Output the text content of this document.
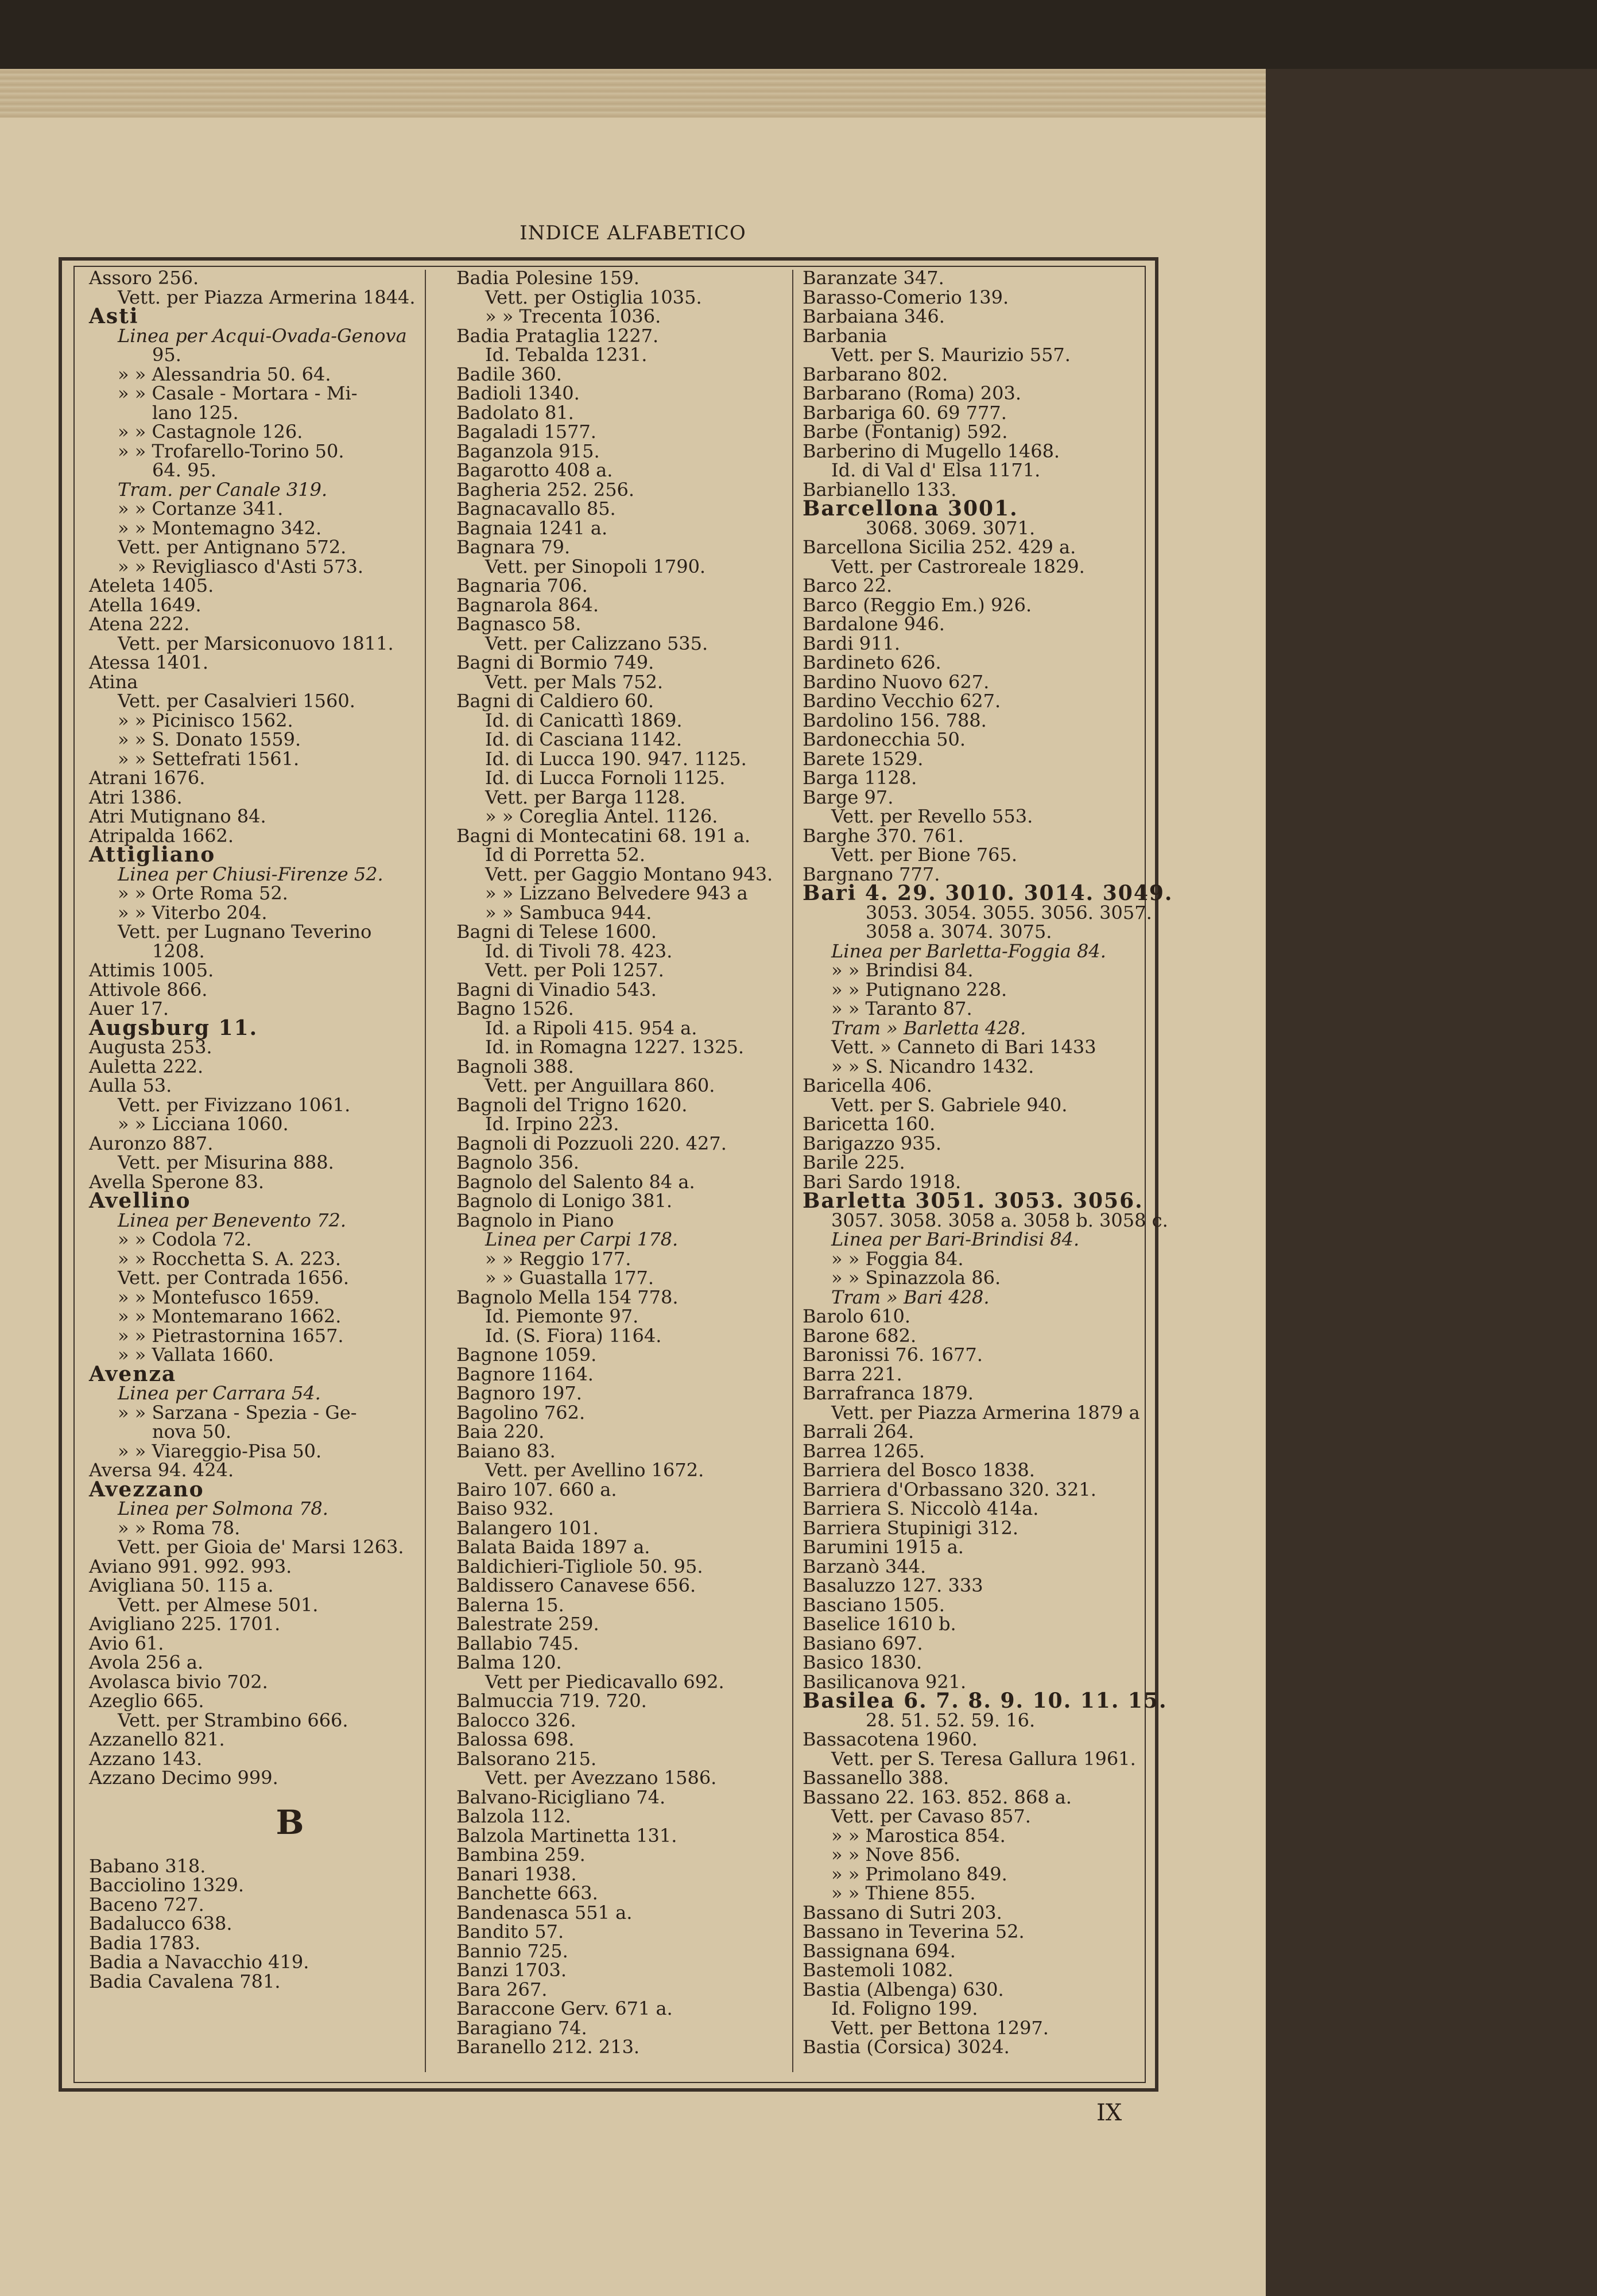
INDICE ALFABETICO
Assoro 256.
Vett. per Piazza Armerina 1844.
Asti
Linea per Acqui-Ovada-Genova
95.
» » Alessandria 50. 64.
» » Casale - Mortara - Mi-
lano 125.
» » Castagnole 126.
» » Trofarello-Torino 50.
64. 95.
Tram. per Canale 319.
» » Cortanze 341.
» » Montemagno 342.
Vett. per Antignano 572.
» » Revigliasco d'Asti 573.
Ateleta 1405.
Atella 1649.
Atena 222.
Vett. per Marsiconuovo 1811.
Atessa 1401.
Atina
Vett. per Casalvieri 1560.
» » Picinisco 1562.
» » S. Donato 1559.
» » Settefrati 1561.
Atrani 1676.
Atri 1386.
Atri Mutignano 84.
Atripalda 1662.
Attigliano
Linea per Chiusi-Firenze 52.
» » Orte Roma 52.
» » Viterbo 204.
Vett. per Lugnano Teverino
1208.
Attimis 1005.
Attivole 866.
Auer 17.
Augsburg 11.
Augusta 253.
Auletta 222.
Aulla 53.
Vett. per Fivizzano 1061.
» » Licciana 1060.
Auronzo 887.
Vett. per Misurina 888.
Avella Sperone 83.
Avellino
Linea per Benevento 72.
» » Codola 72.
» » Rocchetta S. A. 223.
Vett. per Contrada 1656.
» » Montefusco 1659.
» » Montemarano 1662.
» » Pietrastornina 1657.
» » Vallata 1660.
Avenza
Linea per Carrara 54.
» » Sarzana - Spezia - Ge-
nova 50.
» » Viareggio-Pisa 50.
Aversa 94. 424.
Avezzano
Linea per Solmona 78.
» » Roma 78.
Vett. per Gioia de' Marsi 1263.
Aviano 991. 992. 993.
Avigliana 50. 115 a.
Vett. per Almese 501.
Avigliano 225. 1701.
Avio 61.
Avola 256 a.
Avolasca bivio 702.
Azeglio 665.
Vett. per Strambino 666.
Azzanello 821.
Azzano 143.
Azzano Decimo 999.
B
Babano 318.
Bacciolino 1329.
Baceno 727.
Badalucco 638.
Badia 1783.
Badia a Navacchio 419.
Badia Cavalena 781.
Badia Polesine 159.
Vett. per Ostiglia 1035.
» » Trecenta 1036.
Badia Prataglia 1227.
Id. Tebalda 1231.
Badile 360.
Badioli 1340.
Badolato 81.
Bagaladi 1577.
Baganzola 915.
Bagarotto 408 a.
Bagheria 252. 256.
Bagnacavallo 85.
Bagnaia 1241 a.
Bagnara 79.
Vett. per Sinopoli 1790.
Bagnaria 706.
Bagnarola 864.
Bagnasco 58.
Vett. per Calizzano 535.
Bagni di Bormio 749.
Vett. per Mals 752.
Bagni di Caldiero 60.
Id. di Canicattì 1869.
Id. di Casciana 1142.
Id. di Lucca 190. 947. 1125.
Id. di Lucca Fornoli 1125.
Vett. per Barga 1128.
» » Coreglia Antel. 1126.
Bagni di Montecatini 68. 191 a.
Id di Porretta 52.
Vett. per Gaggio Montano 943.
» » Lizzano Belvedere 943 a
» » Sambuca 944.
Bagni di Telese 1600.
Id. di Tivoli 78. 423.
Vett. per Poli 1257.
Bagni di Vinadio 543.
Bagno 1526.
Id. a Ripoli 415. 954 a.
Id. in Romagna 1227. 1325.
Bagnoli 388.
Vett. per Anguillara 860.
Bagnoli del Trigno 1620.
Id. Irpino 223.
Bagnoli di Pozzuoli 220. 427.
Bagnolo 356.
Bagnolo del Salento 84 a.
Bagnolo di Lonigo 381.
Bagnolo in Piano
Linea per Carpi 178.
» » Reggio 177.
» » Guastalla 177.
Bagnolo Mella 154 778.
Id. Piemonte 97.
Id. (S. Fiora) 1164.
Bagnone 1059.
Bagnore 1164.
Bagnoro 197.
Bagolino 762.
Baia 220.
Baiano 83.
Vett. per Avellino 1672.
Bairo 107. 660 a.
Baiso 932.
Balangero 101.
Balata Baida 1897 a.
Baldichieri-Tigliole 50. 95.
Baldissero Canavese 656.
Balerna 15.
Balestrate 259.
Ballabio 745.
Balma 120.
Vett per Piedicavallo 692.
Balmuccia 719. 720.
Balocco 326.
Balossa 698.
Balsorano 215.
Vett. per Avezzano 1586.
Balvano-Ricigliano 74.
Balzola 112.
Balzola Martinetta 131.
Bambina 259.
Banari 1938.
Banchette 663.
Bandenasca 551 a.
Bandito 57.
Bannio 725.
Banzi 1703.
Bara 267.
Baraccone Gerv. 671 a.
Baragiano 74.
Baranello 212. 213.
Baranzate 347.
Barasso-Comerio 139.
Barbaiana 346.
Barbania
Vett. per S. Maurizio 557.
Barbarano 802.
Barbarano (Roma) 203.
Barbariga 60. 69 777.
Barbe (Fontanig) 592.
Barberino di Mugello 1468.
Id. di Val d' Elsa 1171.
Barbianello 133.
Barcellona 3001.
3068. 3069. 3071.
Barcellona Sicilia 252. 429 a.
Vett. per Castroreale 1829.
Barco 22.
Barco (Reggio Em.) 926.
Bardalone 946.
Bardi 911.
Bardineto 626.
Bardino Nuovo 627.
Bardino Vecchio 627.
Bardolino 156. 788.
Bardonecchia 50.
Barete 1529.
Barga 1128.
Barge 97.
Vett. per Revello 553.
Barghe 370. 761.
Vett. per Bione 765.
Bargnano 777.
Bari 4. 29. 3010. 3014. 3049.
3053. 3054. 3055. 3056. 3057.
3058 a. 3074. 3075.
Linea per Barletta-Foggia 84.
» » Brindisi 84.
» » Putignano 228.
» » Taranto 87.
Tram » Barletta 428.
Vett. » Canneto di Bari 1433
» » S. Nicandro 1432.
Baricella 406.
Vett. per S. Gabriele 940.
Baricetta 160.
Barigazzo 935.
Barile 225.
Bari Sardo 1918.
Barletta 3051. 3053. 3056.
3057. 3058. 3058 a. 3058 b. 3058 c.
Linea per Bari-Brindisi 84.
» » Foggia 84.
» » Spinazzola 86.
Tram » Bari 428.
Barolo 610.
Barone 682.
Baronissi 76. 1677.
Barra 221.
Barrafranca 1879.
Vett. per Piazza Armerina 1879 a
Barrali 264.
Barrea 1265.
Barriera del Bosco 1838.
Barriera d'Orbassano 320. 321.
Barriera S. Niccolò 414a.
Barriera Stupinigi 312.
Barumini 1915 a.
Barzanò 344.
Basaluzzo 127. 333
Basciano 1505.
Baselice 1610 b.
Basiano 697.
Basico 1830.
Basilicanova 921.
Basilea 6. 7. 8. 9. 10. 11. 15.
28. 51. 52. 59. 16.
Bassacotena 1960.
Vett. per S. Teresa Gallura 1961.
Bassanello 388.
Bassano 22. 163. 852. 868 a.
Vett. per Cavaso 857.
» » Marostica 854.
» » Nove 856.
» » Primolano 849.
» » Thiene 855.
Bassano di Sutri 203.
Bassano in Teverina 52.
Bassignana 694.
Bastemoli 1082.
Bastia (Albenga) 630.
Id. Foligno 199.
Vett. per Bettona 1297.
Bastia (Corsica) 3024.
IX
